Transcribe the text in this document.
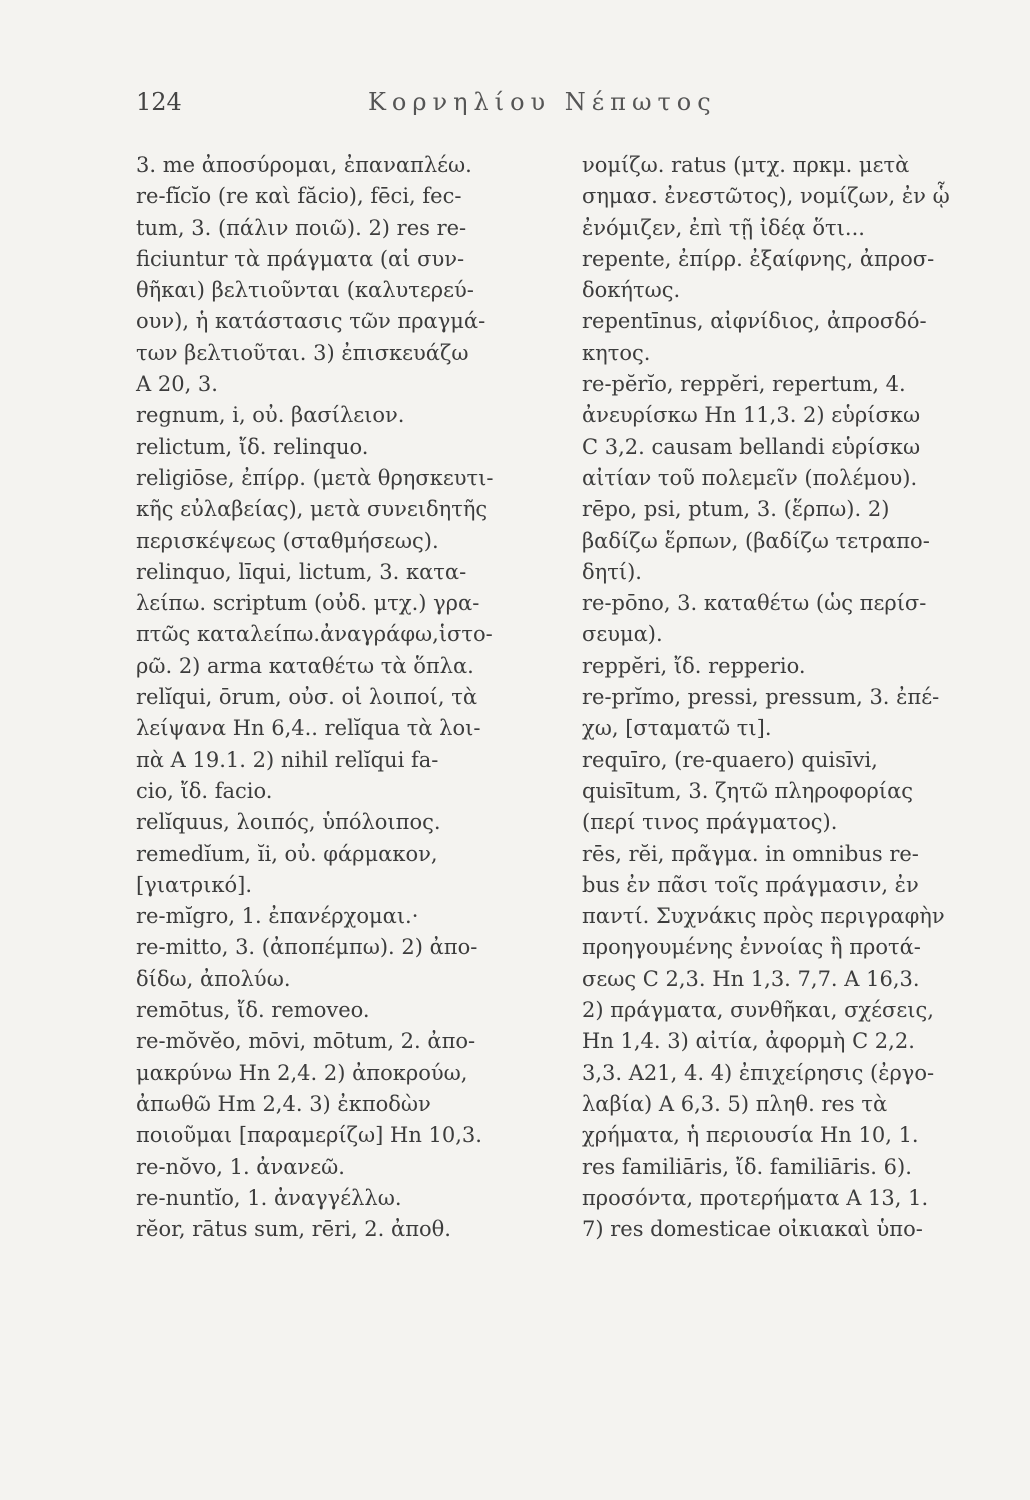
124	Κορνηλίου Νέπωτος
3. me ἀποσύρομαι, ἐπαναπλέω.
re-fĭcĭo (re καὶ făcio), fēci, fec-
tum, 3. (πάλιν ποιῶ). 2) res re-
ficiuntur τὰ πράγματα (αἱ συν-
θῆκαι) βελτιοῦνται (καλυτερεύ-
ουν), ἡ κατάστασις τῶν πραγμά-
των βελτιοῦται. 3) ἐπισκευάζω
A 20, 3.
regnum, i, οὐ. βασίλειον.
relictum, ἴδ. relinquo.
religiōse, ἐπίρρ. (μετὰ θρησκευτι-
κῆς εὐλαβείας), μετὰ συνειδητῆς
περισκέψεως (σταθμήσεως).
relinquo, līqui, lictum, 3. κατα-
λείπω. scriptum (οὐδ. μτχ.) γρα-
πτῶς καταλείπω.ἀναγράφω,ἱστο-
ρῶ. 2) arma καταθέτω τὰ ὅπλα.
relĭqui, ōrum, οὐσ. οἱ λοιποί, τὰ
λείψανα Hn 6,4.. relĭqua τὰ λοι-
πὰ A 19.1. 2) nihil relĭqui fa-
cio, ἴδ. facio.
relĭquus, λοιπός, ὑπόλοιπος.
remedĭum, ĭi, οὐ. φάρμακον,
[γιατρικό].
re-mĭgro, 1. ἐπανέρχομαι.·
re-mitto, 3. (ἀποπέμπω). 2) ἀπο-
δίδω, ἀπολύω.
remōtus, ἴδ. removeo.
re-mŏvĕo, mōvi, mōtum, 2. ἀπο-
μακρύνω Hn 2,4. 2) ἀποκρούω,
ἀπωθῶ Hm 2,4. 3) ἐκποδὼν
ποιοῦμαι [παραμερίζω] Hn 10,3.
re-nŏvo, 1. ἀνανεῶ.
re-nuntĭo, 1. ἀναγγέλλω.
rĕor, rātus sum, rēri, 2. ἀποθ.
νομίζω. ratus (μτχ. πρκμ. μετὰ
σημασ. ἐνεστῶτος), νομίζων, ἐν ᾧ
ἐνόμιζεν, ἐπὶ τῇ ἰδέᾳ ὅτι...
repente, ἐπίρρ. ἐξαίφνης, ἀπροσ-
δοκήτως.
repentīnus, αἰφνίδιος, ἀπροσδό-
κητος.
re-pĕrĭo, reppĕri, repertum, 4.
ἀνευρίσκω Hn 11,3. 2) εὑρίσκω
C 3,2. causam bellandi εὑρίσκω
αἰτίαν τοῦ πολεμεῖν (πολέμου).
rēpo, psi, ptum, 3. (ἕρπω). 2)
βαδίζω ἕρπων, (βαδίζω τετραπο-
δητί).
re-pōno, 3. καταθέτω (ὡς περίσ-
σευμα).
reppĕri, ἴδ. repperio.
re-prĭmo, pressi, pressum, 3. ἐπέ-
χω, [σταματῶ τι].
requīro, (re-quaero) quisīvi,
quisītum, 3. ζητῶ πληροφορίας
(περί τινος πράγματος).
rēs, rĕi, πρᾶγμα. in omnibus re-
bus ἐν πᾶσι τοῖς πράγμασιν, ἐν
παντί. Συχνάκις πρὸς περιγραφὴν
προηγουμένης ἐννοίας ἢ προτά-
σεως C 2,3. Hn 1,3. 7,7. A 16,3.
2) πράγματα, συνθῆκαι, σχέσεις,
Hn 1,4. 3) αἰτία, ἀφορμὴ C 2,2.
3,3. A21, 4. 4) ἐπιχείρησις (ἐργο-
λαβία) A 6,3. 5) πληθ. res τὰ
χρήματα, ἡ περιουσία Hn 10, 1.
res familiāris, ἴδ. familiāris. 6).
προσόντα, προτερήματα A 13, 1.
7) res domesticae οἰκιακαὶ ὑπο-
